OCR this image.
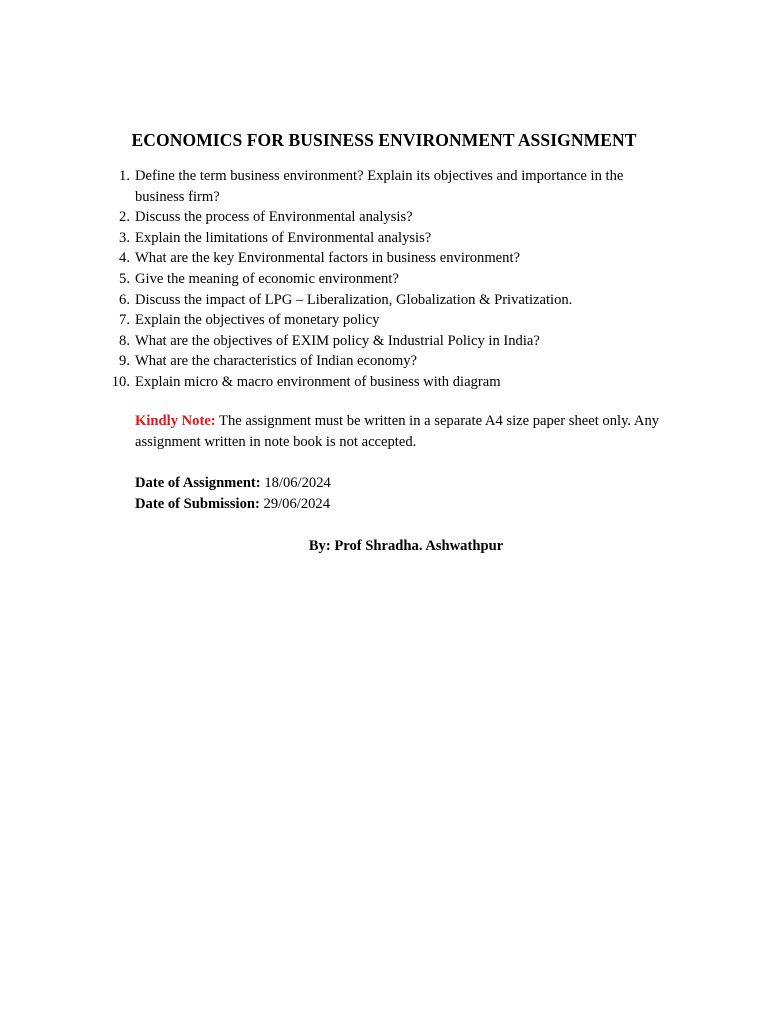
ECONOMICS FOR BUSINESS ENVIRONMENT ASSIGNMENT
1. Define the term business environment? Explain its objectives and importance in the business firm?
2. Discuss the process of Environmental analysis?
3. Explain the limitations of Environmental analysis?
4. What are the key Environmental factors in business environment?
5. Give the meaning of economic environment?
6. Discuss the impact of LPG – Liberalization, Globalization & Privatization.
7. Explain the objectives of monetary policy
8. What are the objectives of EXIM policy & Industrial Policy in India?
9. What are the characteristics of Indian economy?
10. Explain micro & macro environment of business with diagram
Kindly Note: The assignment must be written in a separate A4 size paper sheet only. Any assignment written in note book is not accepted.
Date of Assignment: 18/06/2024
Date of Submission: 29/06/2024
By: Prof Shradha. Ashwathpur
